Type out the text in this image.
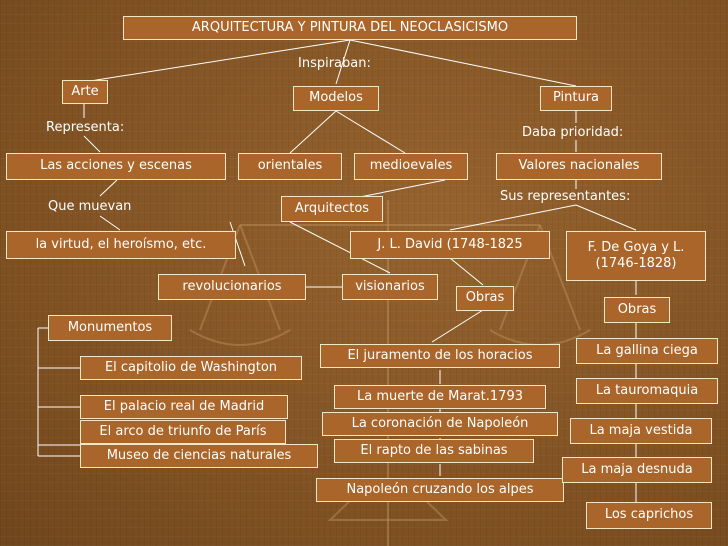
ARQUITECTURA Y PINTURA DEL NEOCLASICISMO
Inspiraban:
Arte	Modelos	Pintura
Representa:	Daba prioridad:
Las acciones y escenas	orientales	medioevales	Valores nacionales
Sus representantes:
Que muevan	Arquitectos
la virtud, el heroísmo, etc.	J. L. David (1748-1825	F. De Goya y L. (1746-1828)
revolucionarios	visionarios
Obras
Obras
Monumentos
El capitolio de Washington
El palacio real de Madrid
El arco de triunfo de París
Museo de ciencias naturales
El juramento de los horacios
La muerte de Marat.1793
La coronación de Napoleón
El rapto de las sabinas
Napoleón cruzando los alpes
La gallina ciega
La tauromaquia
La maja vestida
La maja desnuda
Los caprichos
